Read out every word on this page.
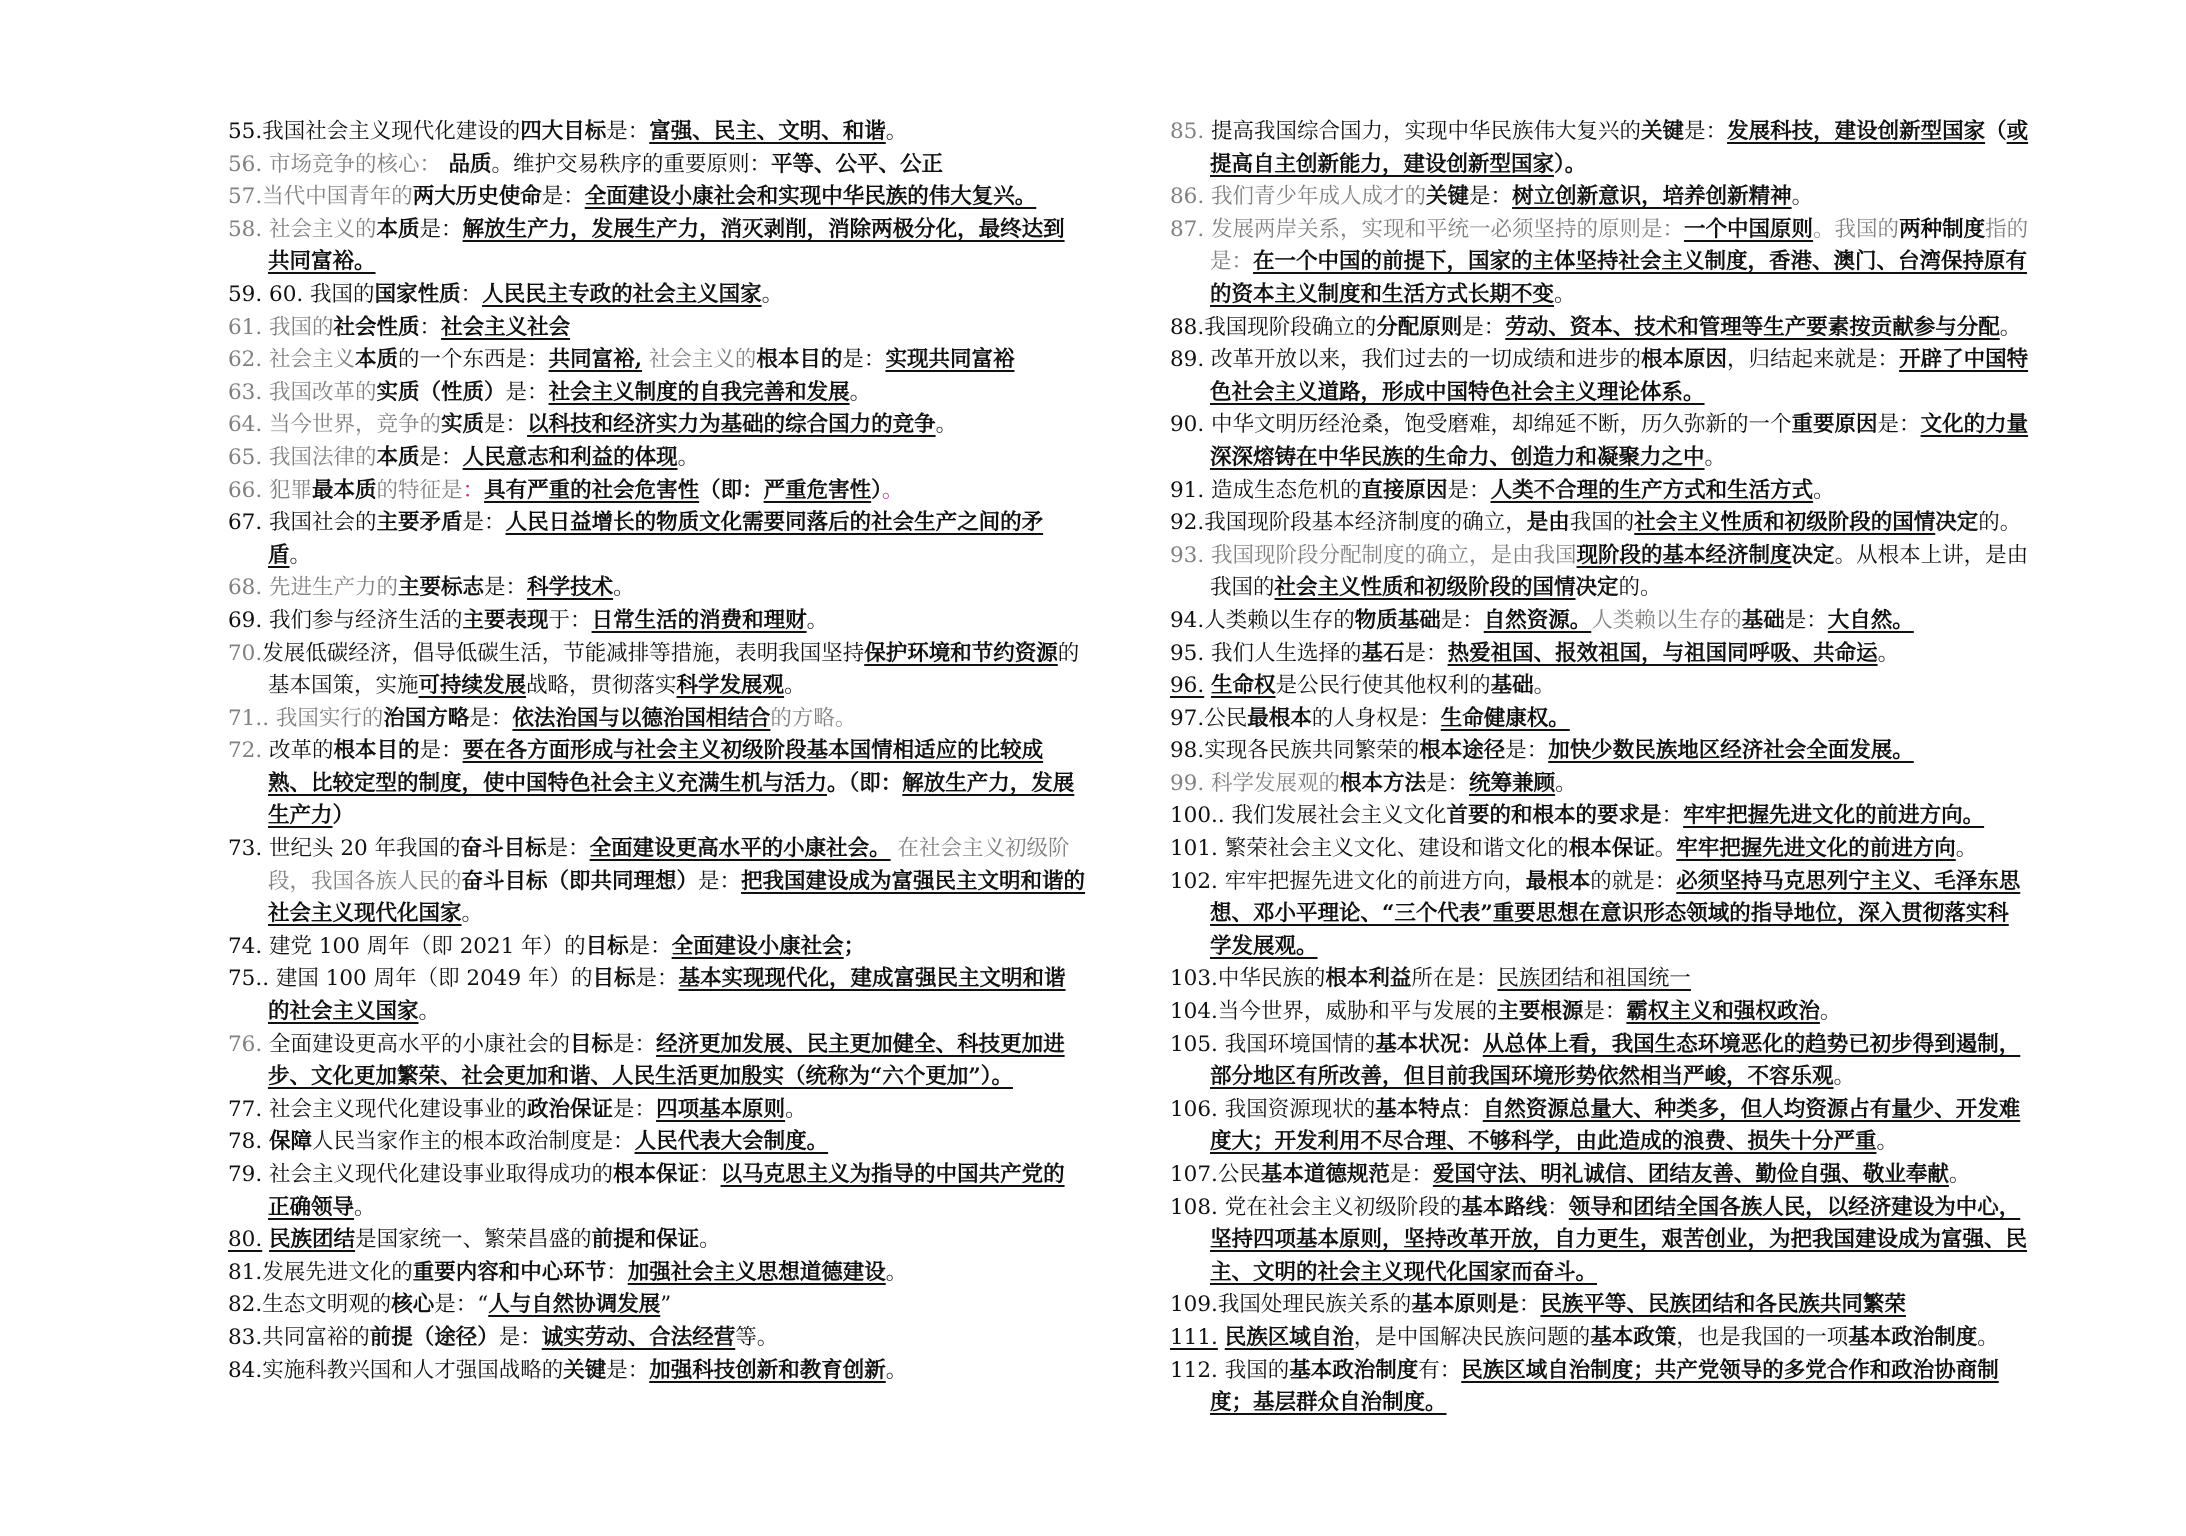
55.我国社会主义现代化建设的四大目标是：富强、民主、文明、和谐。

56. 市场竞争的核心： 品质。维护交易秩序的重要原则：平等、公平、公正

57.当代中国青年的两大历史使命是：全面建设小康社会和实现中华民族的伟大复兴。

58. 社会主义的本质是：解放生产力，发展生产力，消灭剥削，消除两极分化，最终达到共同富裕。

59. 60. 我国的国家性质：人民民主专政的社会主义国家。

61. 我国的社会性质：社会主义社会

62. 社会主义本质的一个东西是：共同富裕, 社会主义的根本目的是：实现共同富裕

63. 我国改革的实质（性质）是：社会主义制度的自我完善和发展。

64. 当今世界，竞争的实质是：以科技和经济实力为基础的综合国力的竞争。

65. 我国法律的本质是：人民意志和利益的体现。

66. 犯罪最本质的特征是：具有严重的社会危害性（即：严重危害性）。

67. 我国社会的主要矛盾是：人民日益增长的物质文化需要同落后的社会生产之间的矛盾。

68. 先进生产力的主要标志是：科学技术。

69. 我们参与经济生活的主要表现于：日常生活的消费和理财。

70.发展低碳经济，倡导低碳生活，节能减排等措施，表明我国坚持保护环境和节约资源的基本国策，实施可持续发展战略，贯彻落实科学发展观。

71.. 我国实行的治国方略是：依法治国与以德治国相结合的方略。

72. 改革的根本目的是：要在各方面形成与社会主义初级阶段基本国情相适应的比较成熟、比较定型的制度，使中国特色社会主义充满生机与活力。（即：解放生产力，发展生产力）

73. 世纪头 20 年我国的奋斗目标是：全面建设更高水平的小康社会。 在社会主义初级阶段，我国各族人民的奋斗目标（即共同理想）是：把我国建设成为富强民主文明和谐的社会主义现代化国家。

74. 建党 100 周年（即 2021 年）的目标是：全面建设小康社会；

75.. 建国 100 周年（即 2049 年）的目标是：基本实现现代化，建成富强民主文明和谐的社会主义国家。

76. 全面建设更高水平的小康社会的目标是：经济更加发展、民主更加健全、科技更加进步、文化更加繁荣、社会更加和谐、人民生活更加殷实（统称为“六个更加”）。

77. 社会主义现代化建设事业的政治保证是：四项基本原则。

78. 保障人民当家作主的根本政治制度是：人民代表大会制度。

79. 社会主义现代化建设事业取得成功的根本保证：以马克思主义为指导的中国共产党的正确领导。

80. 民族团结是国家统一、繁荣昌盛的前提和保证。

81.发展先进文化的重要内容和中心环节：加强社会主义思想道德建设。

82.生态文明观的核心是：“人与自然协调发展”

83.共同富裕的前提（途径）是：诚实劳动、合法经营等。

84.实施科教兴国和人才强国战略的关键是：加强科技创新和教育创新。

85. 提高我国综合国力，实现中华民族伟大复兴的关键是：发展科技，建设创新型国家（或提高自主创新能力，建设创新型国家）。

86. 我们青少年成人成才的关键是：树立创新意识，培养创新精神。

87. 发展两岸关系，实现和平统一必须坚持的原则是：一个中国原则。我国的两种制度指的是：在一个中国的前提下，国家的主体坚持社会主义制度，香港、澳门、台湾保持原有的资本主义制度和生活方式长期不变。

88.我国现阶段确立的分配原则是：劳动、资本、技术和管理等生产要素按贡献参与分配。

89. 改革开放以来，我们过去的一切成绩和进步的根本原因，归结起来就是：开辟了中国特色社会主义道路，形成中国特色社会主义理论体系。

90. 中华文明历经沧桑，饱受磨难，却绵延不断，历久弥新的一个重要原因是：文化的力量深深熔铸在中华民族的生命力、创造力和凝聚力之中。

91. 造成生态危机的直接原因是：人类不合理的生产方式和生活方式。

92.我国现阶段基本经济制度的确立，是由我国的社会主义性质和初级阶段的国情决定的。

93. 我国现阶段分配制度的确立，是由我国现阶段的基本经济制度决定。从根本上讲，是由我国的社会主义性质和初级阶段的国情决定的。

94.人类赖以生存的物质基础是：自然资源。人类赖以生存的基础是：大自然。

95. 我们人生选择的基石是：热爱祖国、报效祖国，与祖国同呼吸、共命运。

96. 生命权是公民行使其他权利的基础。

97.公民最根本的人身权是：生命健康权。

98.实现各民族共同繁荣的根本途径是：加快少数民族地区经济社会全面发展。

99. 科学发展观的根本方法是：统筹兼顾。

100.. 我们发展社会主义文化首要的和根本的要求是：牢牢把握先进文化的前进方向。

101. 繁荣社会主义文化、建设和谐文化的根本保证。牢牢把握先进文化的前进方向。

102. 牢牢把握先进文化的前进方向，最根本的就是：必须坚持马克思列宁主义、毛泽东思想、邓小平理论、“三个代表”重要思想在意识形态领域的指导地位，深入贯彻落实科学发展观。

103.中华民族的根本利益所在是：民族团结和祖国统一

104.当今世界，威胁和平与发展的主要根源是：霸权主义和强权政治。

105. 我国环境国情的基本状况：从总体上看，我国生态环境恶化的趋势已初步得到遏制，部分地区有所改善，但目前我国环境形势依然相当严峻，不容乐观。

106. 我国资源现状的基本特点：自然资源总量大、种类多，但人均资源占有量少、开发难度大；开发利用不尽合理、不够科学，由此造成的浪费、损失十分严重。

107.公民基本道德规范是：爱国守法、明礼诚信、团结友善、勤俭自强、敬业奉献。

108. 党在社会主义初级阶段的基本路线：领导和团结全国各族人民，以经济建设为中心，坚持四项基本原则，坚持改革开放，自力更生，艰苦创业，为把我国建设成为富强、民主、文明的社会主义现代化国家而奋斗。

109.我国处理民族关系的基本原则是：民族平等、民族团结和各民族共同繁荣

111. 民族区域自治，是中国解决民族问题的基本政策，也是我国的一项基本政治制度。

112. 我国的基本政治制度有：民族区域自治制度；共产党领导的多党合作和政治协商制度；基层群众自治制度。
